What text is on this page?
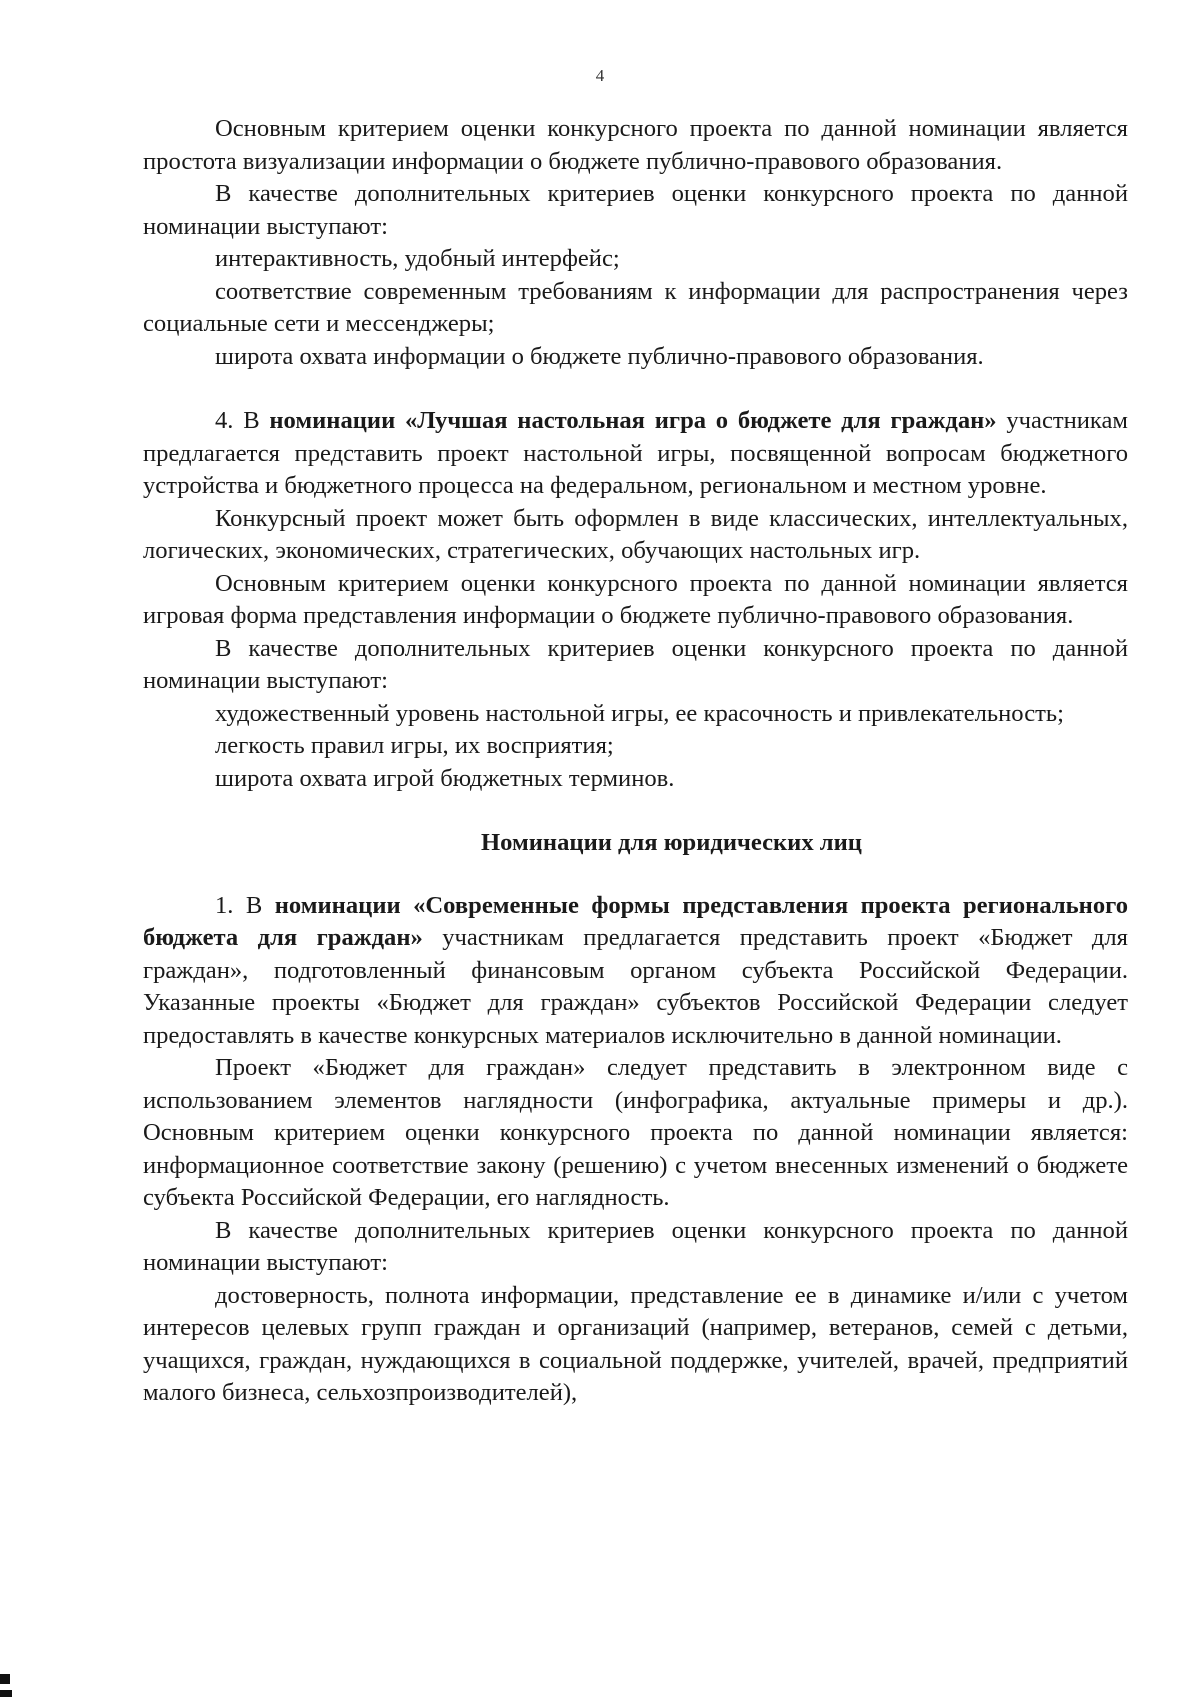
4

Основным критерием оценки конкурсного проекта по данной номинации является простота визуализации информации о бюджете публично-правового образования.

В качестве дополнительных критериев оценки конкурсного проекта по данной номинации выступают:

интерактивность, удобный интерфейс;

соответствие современным требованиям к информации для распространения через социальные сети и мессенджеры;

широта охвата информации о бюджете публично-правового образования.

4. В номинации «Лучшая настольная игра о бюджете для граждан» участникам предлагается представить проект настольной игры, посвященной вопросам бюджетного устройства и бюджетного процесса на федеральном, региональном и местном уровне.

Конкурсный проект может быть оформлен в виде классических, интеллектуальных, логических, экономических, стратегических, обучающих настольных игр.

Основным критерием оценки конкурсного проекта по данной номинации является игровая форма представления информации о бюджете публично-правового образования.

В качестве дополнительных критериев оценки конкурсного проекта по данной номинации выступают:

художественный уровень настольной игры, ее красочность и привлекательность;

легкость правил игры, их восприятия;

широта охвата игрой бюджетных терминов.

Номинации для юридических лиц

1. В номинации «Современные формы представления проекта регионального бюджета для граждан» участникам предлагается представить проект «Бюджет для граждан», подготовленный финансовым органом субъекта Российской Федерации. Указанные проекты «Бюджет для граждан» субъектов Российской Федерации следует предоставлять в качестве конкурсных материалов исключительно в данной номинации.

Проект «Бюджет для граждан» следует представить в электронном виде с использованием элементов наглядности (инфографика, актуальные примеры и др.). Основным критерием оценки конкурсного проекта по данной номинации является: информационное соответствие закону (решению) с учетом внесенных изменений о бюджете субъекта Российской Федерации, его наглядность.

В качестве дополнительных критериев оценки конкурсного проекта по данной номинации выступают:

достоверность, полнота информации, представление ее в динамике и/или с учетом интересов целевых групп граждан и организаций (например, ветеранов, семей с детьми, учащихся, граждан, нуждающихся в социальной поддержке, учителей, врачей, предприятий малого бизнеса, сельхозпроизводителей),
